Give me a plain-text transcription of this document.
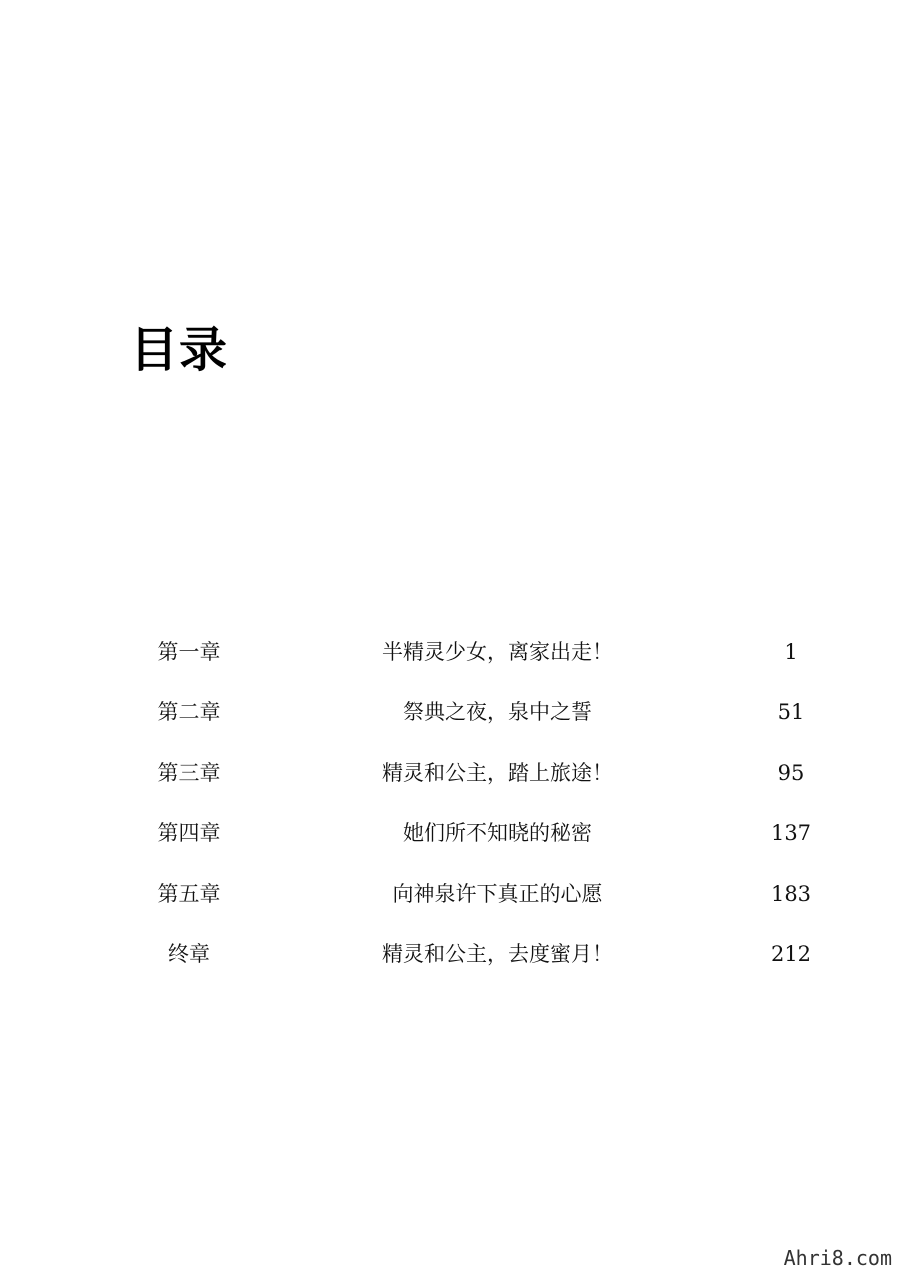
目录
第一章	半精灵少女，离家出走！	1
第二章	祭典之夜，泉中之誓	51
第三章	精灵和公主，踏上旅途！	95
第四章	她们所不知晓的秘密	137
第五章	向神泉许下真正的心愿	183
终章	精灵和公主，去度蜜月！	212
Ahri8.com
